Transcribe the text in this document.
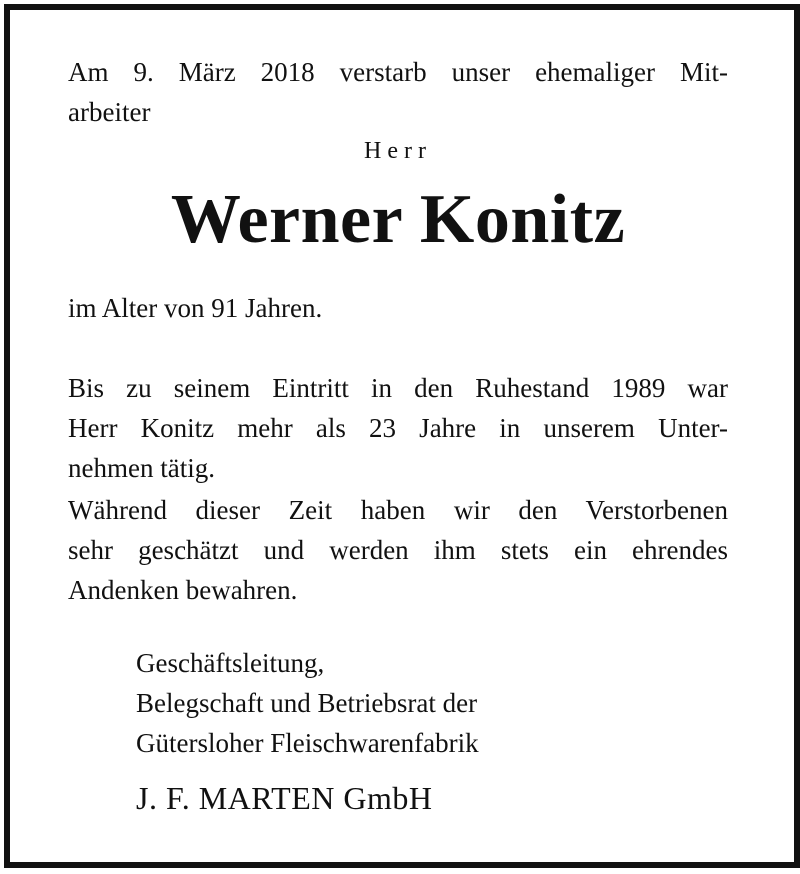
Am 9. März 2018 verstarb unser ehemaliger Mit-
arbeiter

Herr

Werner Konitz
im Alter von 91 Jahren.
Bis zu seinem Eintritt in den Ruhestand 1989 war
Herr Konitz mehr als 23 Jahre in unserem Unter-
nehmen tätig.
Während dieser Zeit haben wir den Verstorbenen
sehr geschätzt und werden ihm stets ein ehrendes
Andenken bewahren.
Geschäftsleitung,
Belegschaft und Betriebsrat der
Gütersloher Fleischwarenfabrik
J. F. MARTEN GmbH
